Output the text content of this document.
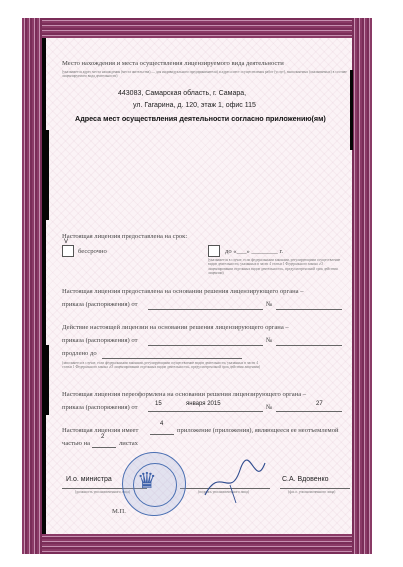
Место нахождения и места осуществления лицензируемого вида деятельности
(указывается адрес места нахождения (места жительства) — для индивидуального предпринимателя) и адреса мест осуществления работ (услуг), выполняемых (оказываемых) в составе лицензируемого вида деятельности)
443083, Самарская область, г. Самара,
ул. Гагарина, д. 120, этаж 1, офис 115
Адреса мест осуществления деятельности согласно приложению(ям)
Настоящая лицензия предоставлена на срок:
V
бессрочно	до «___» ________ г.
(указывается в случае, если федеральными законами, регулирующими осуществление видов деятельности, указанных в части 4 статьи 1 Федерального закона «О лицензировании отдельных видов деятельности», предусмотрен иной срок действия лицензии)
Настоящая лицензия предоставлена на основании решения лицензирующего органа –
приказа (распоряжения) от	№
Действие настоящей лицензии на основании решения лицензирующего органа –
приказа (распоряжения) от	№
продлено до
(заполняется в случае, если федеральными законами, регулирующими осуществление видов деятельности, указанных в части 4 статьи 1 Федерального закона «О лицензировании отдельных видов деятельности», предусмотрен иной срок действия лицензии)
Настоящая лицензия переоформлена на основании решения лицензирующего органа –
приказа (распоряжения) от	15	января 2015	№	27
Настоящая лицензия имеет
4
приложение (приложения), являющееся ее неотъемлемой
частью на
2
листах
И.о. министра
(должность уполномоченного лица)	(подпись уполномоченного лица)
С.А. Вдовенко
(ф.и.о. уполномоченного лица)
М.П.
♛
